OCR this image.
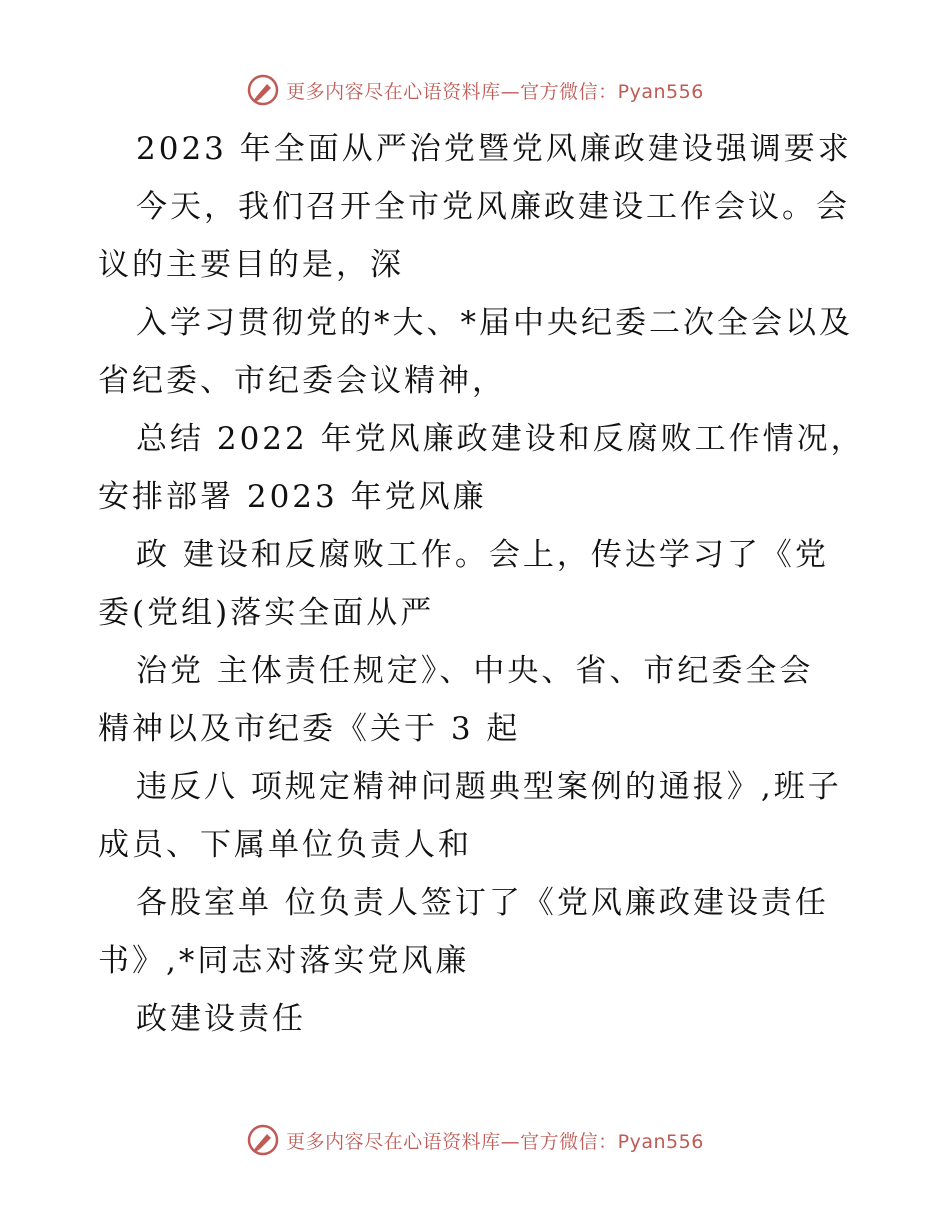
更多内容尽在心语资料库—官方微信：Pyan556
2023 年全面从严治党暨党风廉政建设强调要求
今天，我们召开全市党风廉政建设工作会议。会
议的主要目的是，深
入学习贯彻党的*大、*届中央纪委二次全会以及
省纪委、市纪委会议精神，
总结 2022 年党风廉政建设和反腐败工作情况，
安排部署 2023 年党风廉
政 建设和反腐败工作。会上，传达学习了《党
委(党组)落实全面从严
治党 主体责任规定》、中央、省、市纪委全会
精神以及市纪委《关于 3 起
违反八 项规定精神问题典型案例的通报》,班子
成员、下属单位负责人和
各股室单 位负责人签订了《党风廉政建设责任
书》,*同志对落实党风廉
政建设责任
更多内容尽在心语资料库—官方微信：Pyan556
